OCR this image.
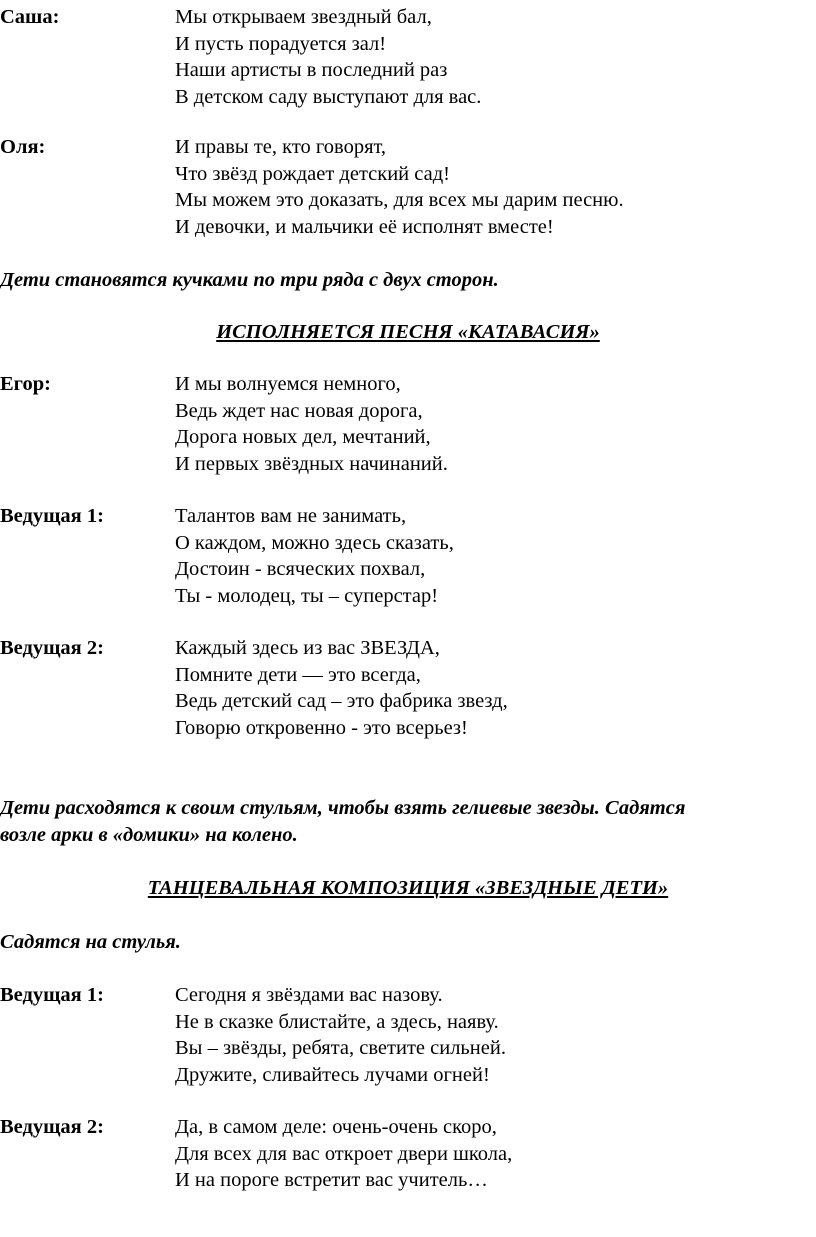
Саша:	Мы открываем звездный бал,
И пусть порадуется зал!
Наши артисты в последний раз
В детском саду выступают для вас.
Оля:	И правы те, кто говорят,
Что звёзд рождает детский сад!
Мы можем это доказать, для всех мы дарим песню.
И девочки, и мальчики её исполнят вместе!
Дети становятся кучками по три ряда с двух сторон.
ИСПОЛНЯЕТСЯ ПЕСНЯ «КАТАВАСИЯ»
Егор:	И мы волнуемся немного,
Ведь ждет нас новая дорога,
Дорога новых дел, мечтаний,
И первых звёздных начинаний.
Ведущая 1:	Талантов вам не занимать,
О каждом, можно здесь сказать,
Достоин - всяческих похвал,
Ты - молодец, ты – суперстар!
Ведущая 2:	Каждый здесь из вас ЗВЕЗДА,
Помните дети — это всегда,
Ведь детский сад – это фабрика звезд,
Говорю откровенно - это всерьез!
Дети расходятся к своим стульям, чтобы взять гелиевые звезды. Садятся
возле арки в «домики» на колено.
ТАНЦЕВАЛЬНАЯ КОМПОЗИЦИЯ «ЗВЕЗДНЫЕ ДЕТИ»
Садятся на стулья.
Ведущая 1:	Сегодня я звёздами вас назову.
Не в сказке блистайте, а здесь, наяву.
Вы – звёзды, ребята, светите сильней.
Дружите, сливайтесь лучами огней!
Ведущая 2:	Да, в самом деле: очень-очень скоро,
Для всех для вас откроет двери школа,
И на пороге встретит вас учитель…
